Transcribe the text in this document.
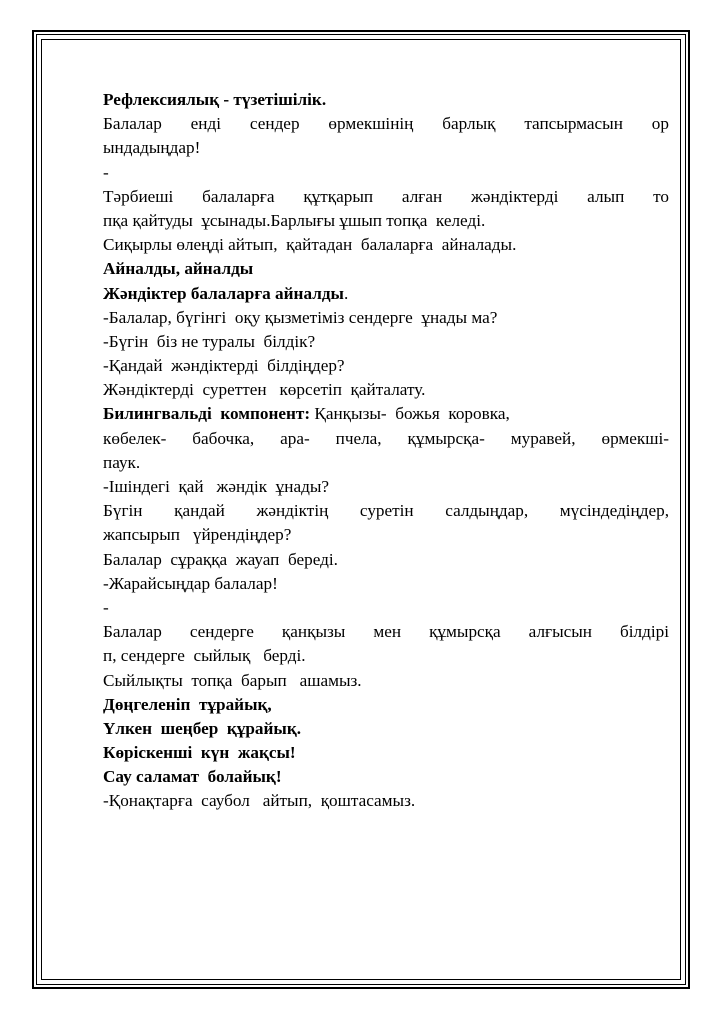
Рефлексиялық - түзетішілік.
Балалар енді сендер өрмекшінің барлық тапсырмасын ор
ындадыңдар!
-
Тәрбиеші балаларға құтқарып алған жәндіктерді алып то
пқа қайтуды  ұсынады.Барлығы ұшып топқа  келеді.
Сиқырлы өлеңді айтып,  қайтадан  балаларға  айналады.
Айналды, айналды
Жәндіктер балаларға айналды.
-Балалар, бүгінгі  оқу қызметіміз сендерге  ұнады ма?
-Бүгін  біз не туралы  білдік?
-Қандай  жәндіктерді  білдіңдер?
Жәндіктерді  суреттен   көрсетіп  қайталату.
Билингвальді  компонент: Қанқызы-  божья  коровка,
көбелек- бабочка, ара- пчела, құмырсқа- муравей, өрмекші-
паук.
-Ішіндегі  қай   жәндік  ұнады?
Бүгін қандай жәндіктің суретін салдыңдар, мүсіндедіңдер,
жапсырып   үйрендіңдер?
Балалар  сұраққа  жауап  береді.
-Жарайсыңдар балалар!
-
Балалар сендерге қанқызы мен құмырсқа алғысын білдірі
п, сендерге  сыйлық   берді.
Сыйлықты  топқа  барып   ашамыз.
Дөңгеленіп  тұрайық,
Үлкен  шеңбер  құрайық.
Көріскенші  күн  жақсы!
Сау саламат  болайық!
-Қонақтарға  саубол   айтып,  қоштасамыз.
